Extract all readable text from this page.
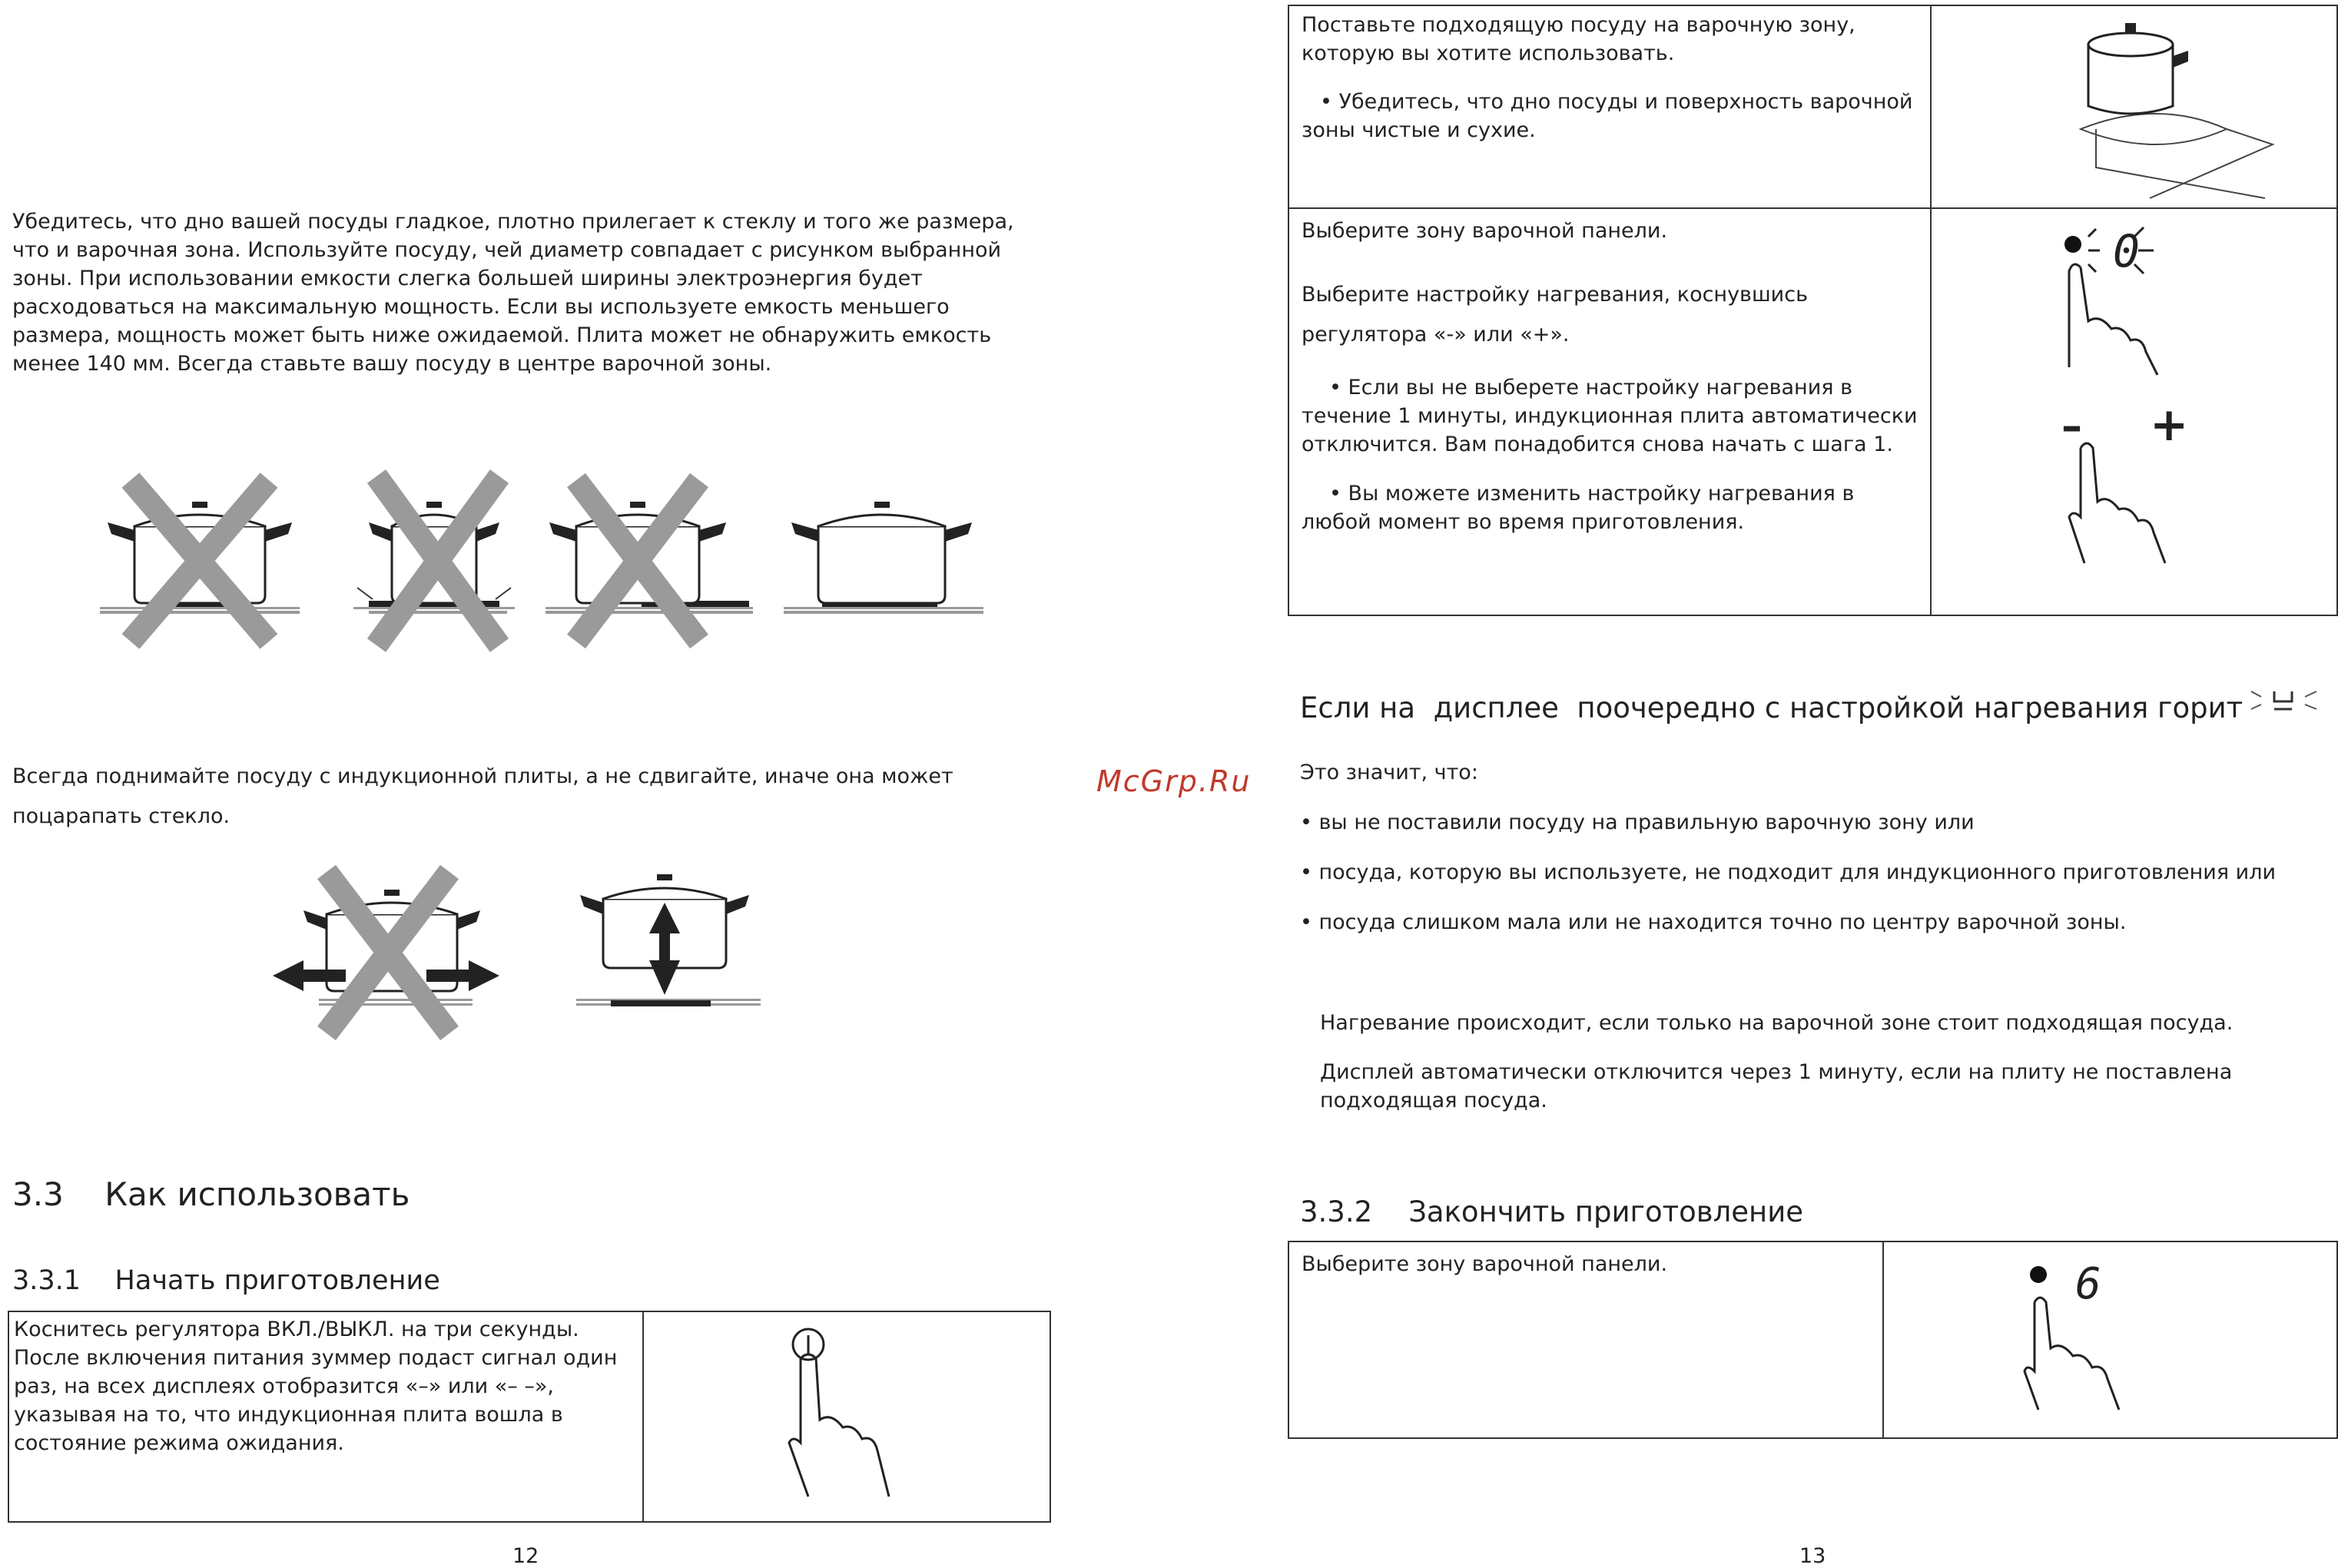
Убедитесь, что дно вашей посуды гладкое, плотно прилегает к стеклу и того же размера, что и варочная зона. Используйте посуду, чей диаметр совпадает с рисунком выбранной зоны. При использовании емкости слегка большей ширины электроэнергия будет расходоваться на максимальную мощность. Если вы используете емкость меньшего размера, мощность может быть ниже ожидаемой. Плита может не обнаружить емкость менее 140 мм. Всегда ставьте вашу посуду в центре варочной зоны.
Всегда поднимайте посуду с индукционной плиты, а не сдвигайте, иначе она может поцарапать стекло.
3.3    Как использовать
3.3.1    Начать приготовление
Коснитесь регулятора ВКЛ./ВЫКЛ. на три секунды. После включения питания зуммер подаст сигнал один раз, на всех дисплеях отобразится «–» или «– –», указывая на то, что индукционная плита вошла в состояние режима ожидания.
12
McGrp.Ru
Поставьте подходящую посуду на варочную зону, которую вы хотите использовать.
• Убедитесь, что дно посуды и поверхность варочной зоны чистые и сухие.
Выберите зону варочной панели.
Выберите настройку нагревания, коснувшись регулятора «-» или «+».
• Если вы не выберете настройку нагревания в течение 1 минуты, индукционная плита автоматически отключится. Вам понадобится снова начать с шага 1.
• Вы можете изменить настройку нагревания в любой момент во время приготовления.
0
– +
Если на  дисплее  поочередно с настройкой нагревания горит
Это значит, что:
• вы не поставили посуду на правильную варочную зону или
• посуда, которую вы используете, не подходит для индукционного приготовления или
• посуда слишком мала или не находится точно по центру варочной зоны.
Нагревание происходит, если только на варочной зоне стоит подходящая посуда.
Дисплей автоматически отключится через 1 минуту, если на плиту не поставлена подходящая посуда.
3.3.2    Закончить приготовление
Выберите зону варочной панели.	6
13
